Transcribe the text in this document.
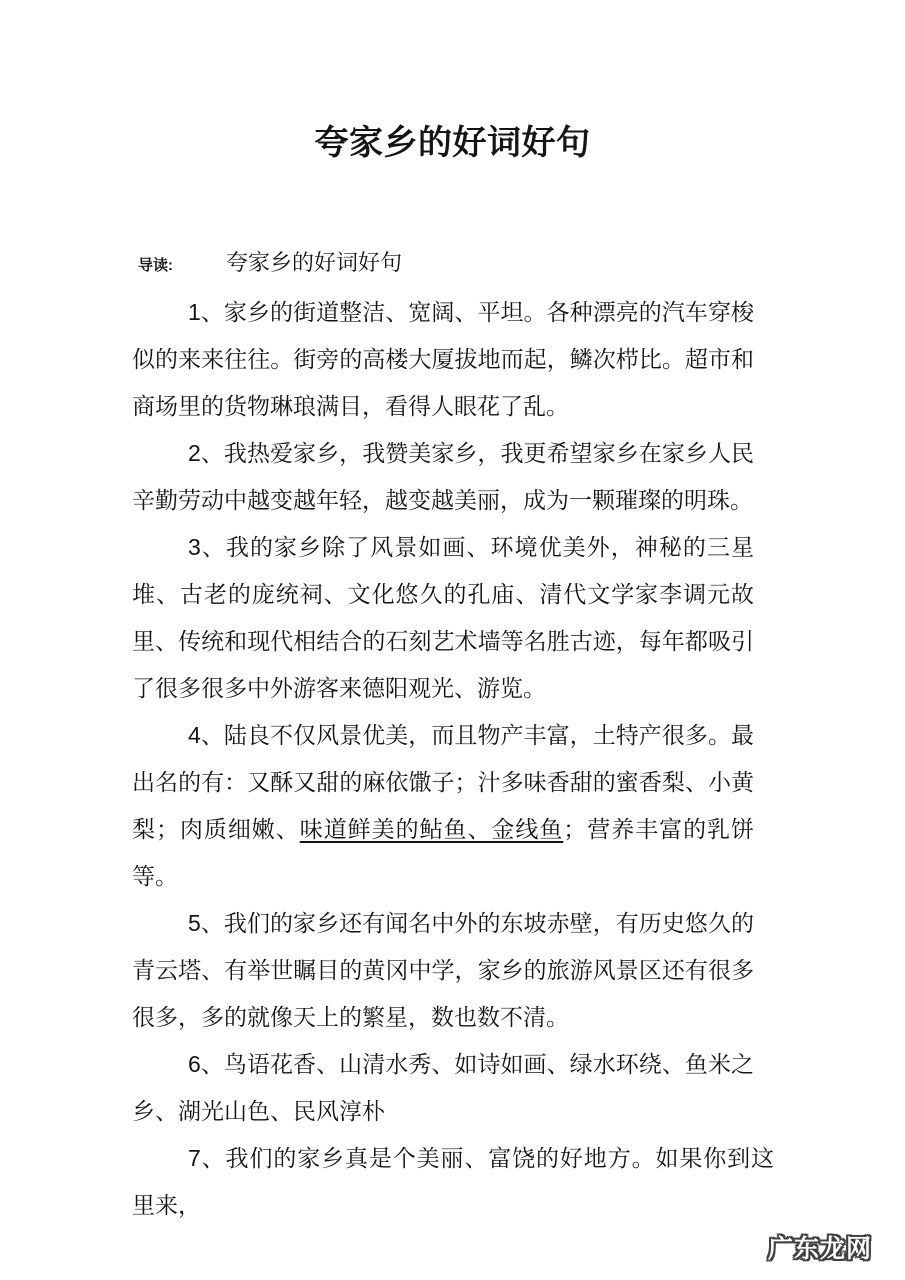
夸家乡的好词好句
导读: 夸家乡的好词好句

1、家乡的街道整洁、宽阔、平坦。各种漂亮的汽车穿梭似的来来往往。街旁的高楼大厦拔地而起，鳞次栉比。超市和商场里的货物琳琅满目，看得人眼花了乱。

2、我热爱家乡，我赞美家乡，我更希望家乡在家乡人民辛勤劳动中越变越年轻，越变越美丽，成为一颗璀璨的明珠。

3、我的家乡除了风景如画、环境优美外，神秘的三星堆、古老的庞统祠、文化悠久的孔庙、清代文学家李调元故里、传统和现代相结合的石刻艺术墙等名胜古迹，每年都吸引了很多很多中外游客来德阳观光、游览。

4、陆良不仅风景优美，而且物产丰富，土特产很多。最出名的有：又酥又甜的麻依馓子；汁多味香甜的蜜香梨、小黄梨；肉质细嫩、味道鲜美的鲇鱼、金线鱼；营养丰富的乳饼等。

5、我们的家乡还有闻名中外的东坡赤壁，有历史悠久的青云塔、有举世瞩目的黄冈中学，家乡的旅游风景区还有很多很多，多的就像天上的繁星，数也数不清。

6、鸟语花香、山清水秀、如诗如画、绿水环绕、鱼米之乡、湖光山色、民风淳朴

7、我们的家乡真是个美丽、富饶的好地方。如果你到这里来，

广东龙网
